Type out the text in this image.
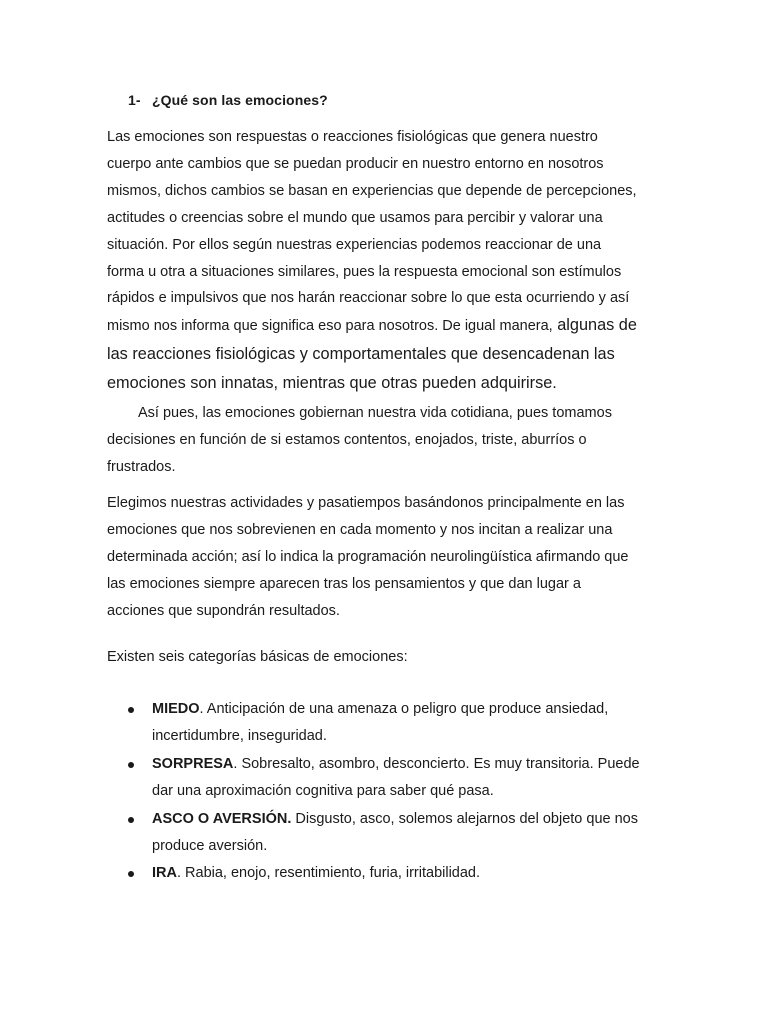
1- ¿Qué son las emociones?

Las emociones son respuestas o reacciones fisiológicas que genera nuestro
cuerpo ante cambios que se puedan producir en nuestro entorno en nosotros
mismos, dichos cambios se basan en experiencias que depende de percepciones,
actitudes o creencias sobre el mundo que usamos para percibir y valorar una
situación. Por ellos según nuestras experiencias podemos reaccionar de una
forma u otra a situaciones similares, pues la respuesta emocional son estímulos
rápidos e impulsivos que nos harán reaccionar sobre lo que esta ocurriendo y así
mismo nos informa que significa eso para nosotros. De igual manera, algunas de
las reacciones fisiológicas y comportamentales que desencadenan las
emociones son innatas, mientras que otras pueden adquirirse.

Así pues, las emociones gobiernan nuestra vida cotidiana, pues tomamos
decisiones en función de si estamos contentos, enojados, triste, aburríos o
frustrados.

Elegimos nuestras actividades y pasatiempos basándonos principalmente en las
emociones que nos sobrevienen en cada momento y nos incitan a realizar una
determinada acción; así lo indica la programación neurolingüística afirmando que
las emociones siempre aparecen tras los pensamientos y que dan lugar a
acciones que supondrán resultados.

Existen seis categorías básicas de emociones:

MIEDO. Anticipación de una amenaza o peligro que produce ansiedad,
incertidumbre, inseguridad.
SORPRESA. Sobresalto, asombro, desconcierto. Es muy transitoria. Puede
dar una aproximación cognitiva para saber qué pasa.
ASCO O AVERSIÓN. Disgusto, asco, solemos alejarnos del objeto que nos
produce aversión.
IRA. Rabia, enojo, resentimiento, furia, irritabilidad.
